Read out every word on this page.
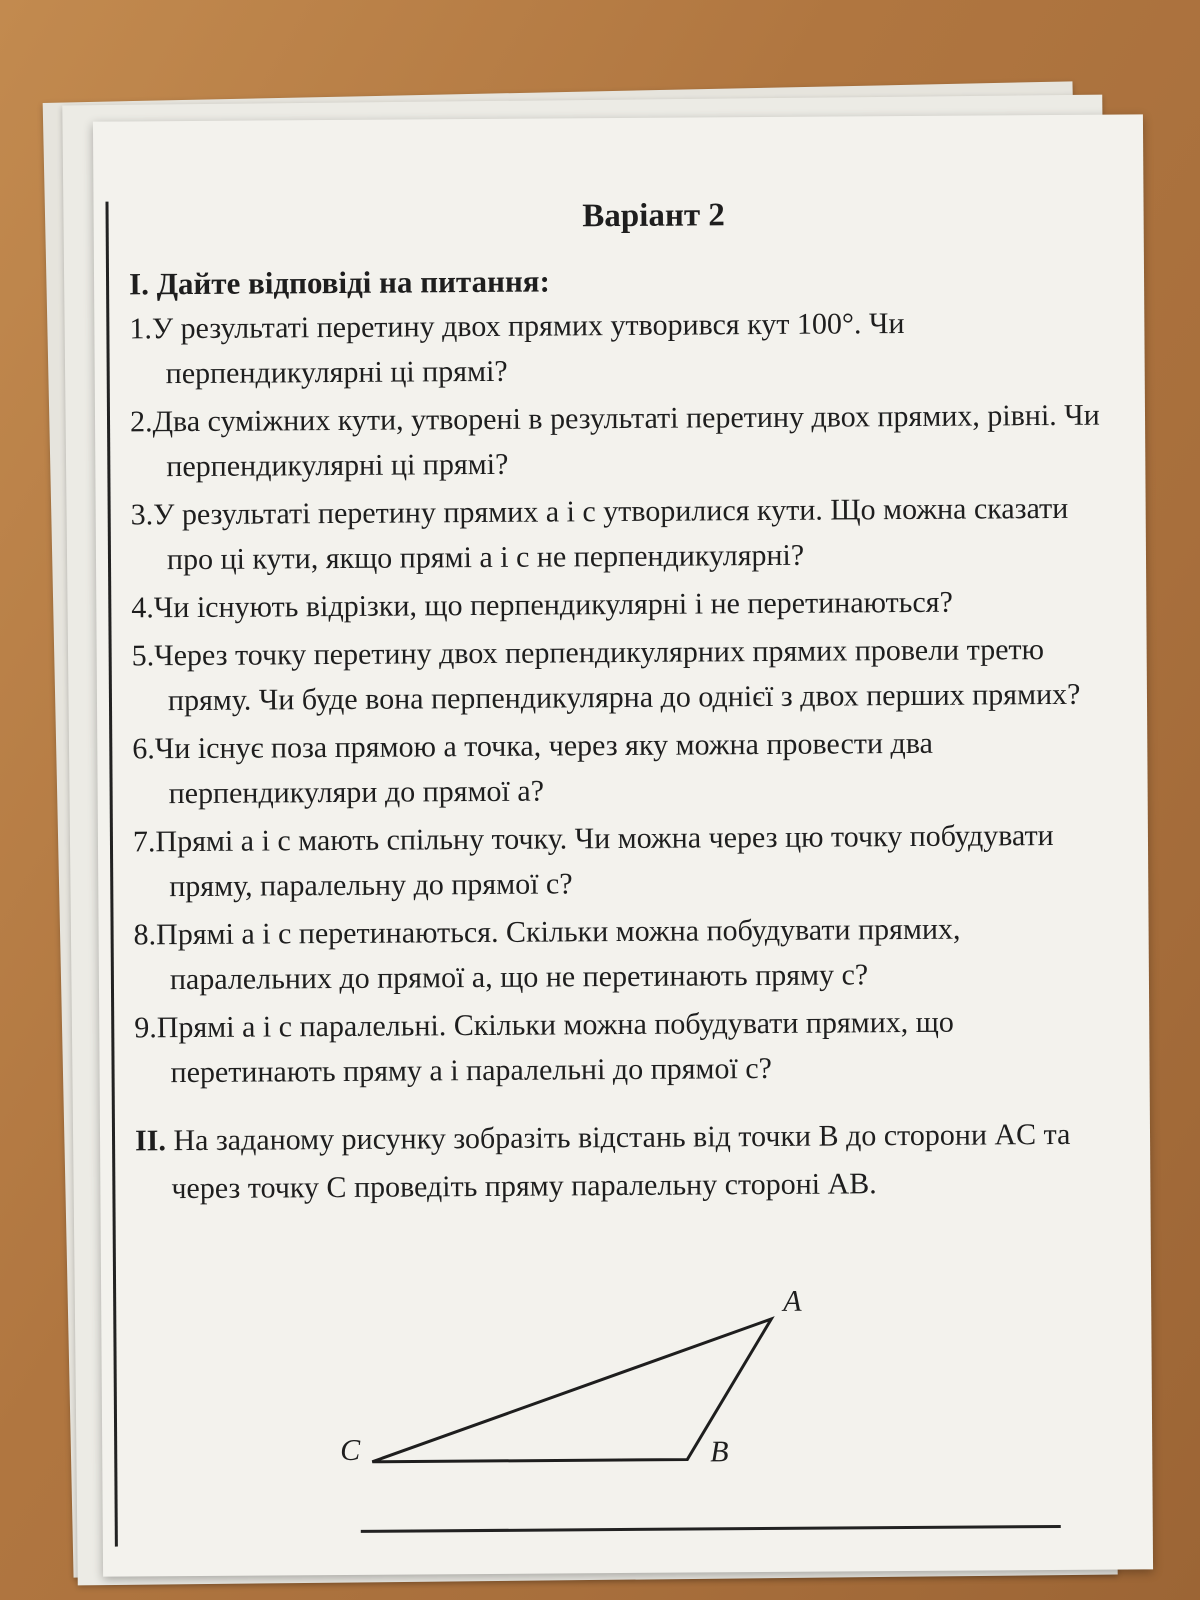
Варіант 2
І. Дайте відповіді на питання:
1.У результаті перетину двох прямих утворився кут 100°. Чи перпендикулярні ці прямі?
2.Два суміжних кути, утворені в результаті перетину двох прямих, рівні. Чи перпендикулярні ці прямі?
3.У результаті перетину прямих a і c утворилися кути. Що можна сказати про ці кути, якщо прямі a і c не перпендикулярні?
4.Чи існують відрізки, що перпендикулярні і не перетинаються?
5.Через точку перетину двох перпендикулярних прямих провели третю пряму. Чи буде вона перпендикулярна до однієї з двох перших прямих?
6.Чи існує поза прямою a точка, через яку можна провести два перпендикуляри до прямої а?
7.Прямі a і c мають спільну точку. Чи можна через цю точку побудувати пряму, паралельну до прямої c?
8.Прямі a і c перетинаються. Скільки можна побудувати прямих, паралельних до прямої a, що не перетинають пряму c?
9.Прямі a і c паралельні. Скільки можна побудувати прямих, що перетинають пряму a і паралельні до прямої с?
ІІ. На заданому рисунку зобразіть відстань від точки B до сторони AC та через точку C проведіть пряму паралельну стороні AB.
A
B
C
